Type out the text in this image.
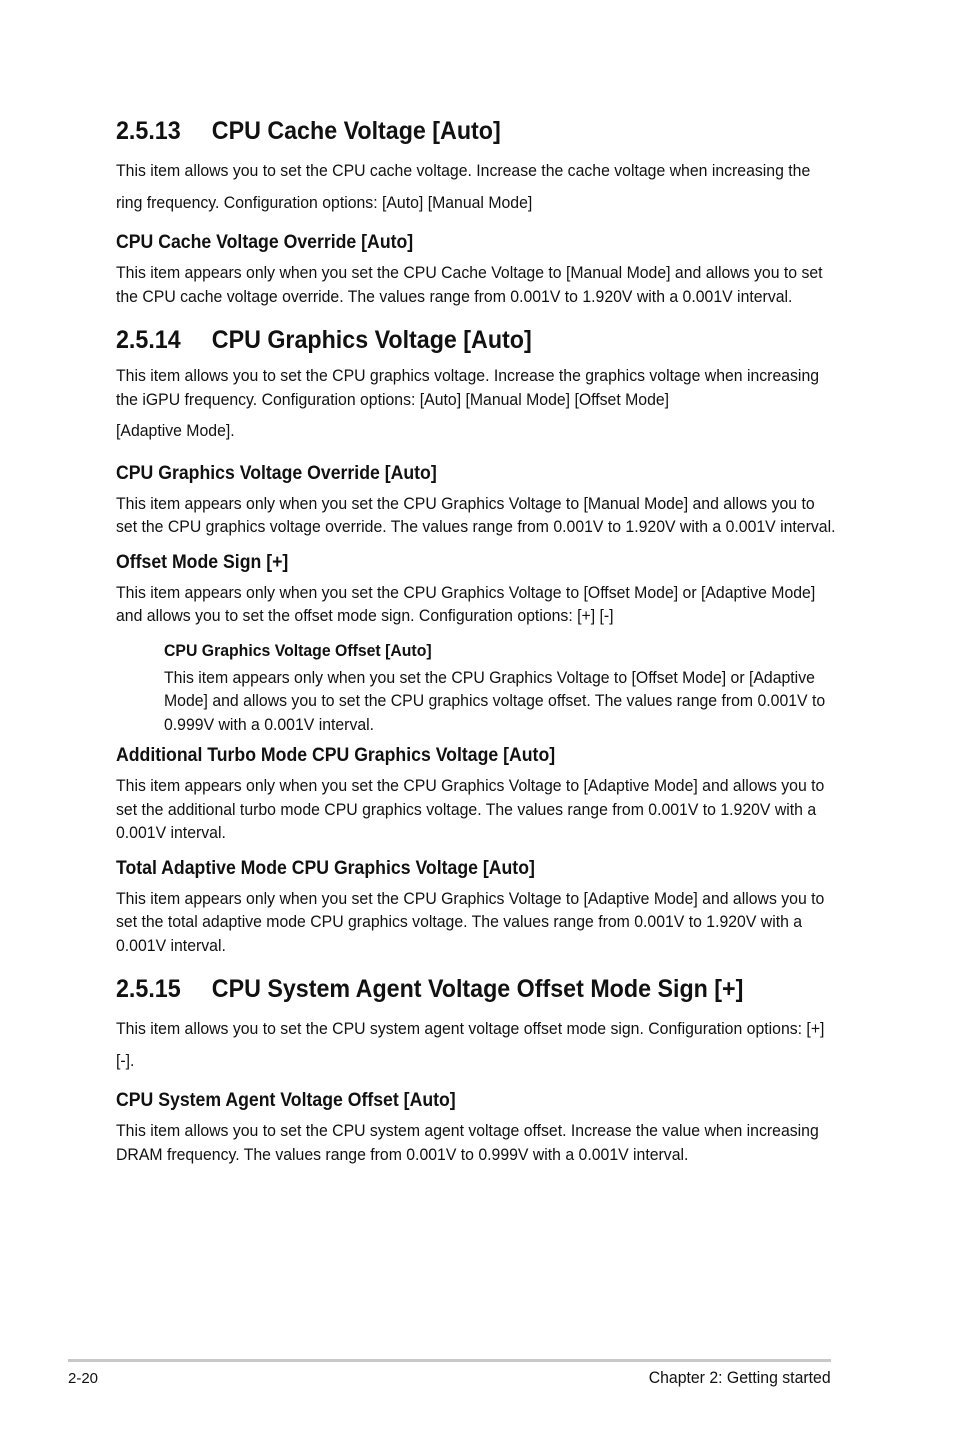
2.5.13 CPU Cache Voltage [Auto]

This item allows you to set the CPU cache voltage. Increase the cache voltage when increasing the ring frequency. Configuration options: [Auto] [Manual Mode]

CPU Cache Voltage Override [Auto]

This item appears only when you set the CPU Cache Voltage to [Manual Mode] and allows you to set the CPU cache voltage override. The values range from 0.001V to 1.920V with a 0.001V interval.

2.5.14 CPU Graphics Voltage [Auto]

This item allows you to set the CPU graphics voltage. Increase the graphics voltage when increasing the iGPU frequency. Configuration options: [Auto] [Manual Mode] [Offset Mode]

[Adaptive Mode].

CPU Graphics Voltage Override [Auto]

This item appears only when you set the CPU Graphics Voltage to [Manual Mode] and allows you to set the CPU graphics voltage override. The values range from 0.001V to 1.920V with a 0.001V interval.

Offset Mode Sign [+]

This item appears only when you set the CPU Graphics Voltage to [Offset Mode] or [Adaptive Mode] and allows you to set the offset mode sign. Configuration options: [+] [-]

CPU Graphics Voltage Offset [Auto]

This item appears only when you set the CPU Graphics Voltage to [Offset Mode] or [Adaptive Mode] and allows you to set the CPU graphics voltage offset. The values range from 0.001V to 0.999V with a 0.001V interval.

Additional Turbo Mode CPU Graphics Voltage [Auto]

This item appears only when you set the CPU Graphics Voltage to [Adaptive Mode] and allows you to set the additional turbo mode CPU graphics voltage. The values range from 0.001V to 1.920V with a 0.001V interval.

Total Adaptive Mode CPU Graphics Voltage [Auto]

This item appears only when you set the CPU Graphics Voltage to [Adaptive Mode] and allows you to set the total adaptive mode CPU graphics voltage. The values range from 0.001V to 1.920V with a 0.001V interval.

2.5.15 CPU System Agent Voltage Offset Mode Sign [+]

This item allows you to set the CPU system agent voltage offset mode sign. Configuration options: [+] [-].

CPU System Agent Voltage Offset [Auto]

This item allows you to set the CPU system agent voltage offset. Increase the value when increasing DRAM frequency. The values range from 0.001V to 0.999V with a 0.001V interval.

2-20	Chapter 2: Getting started
